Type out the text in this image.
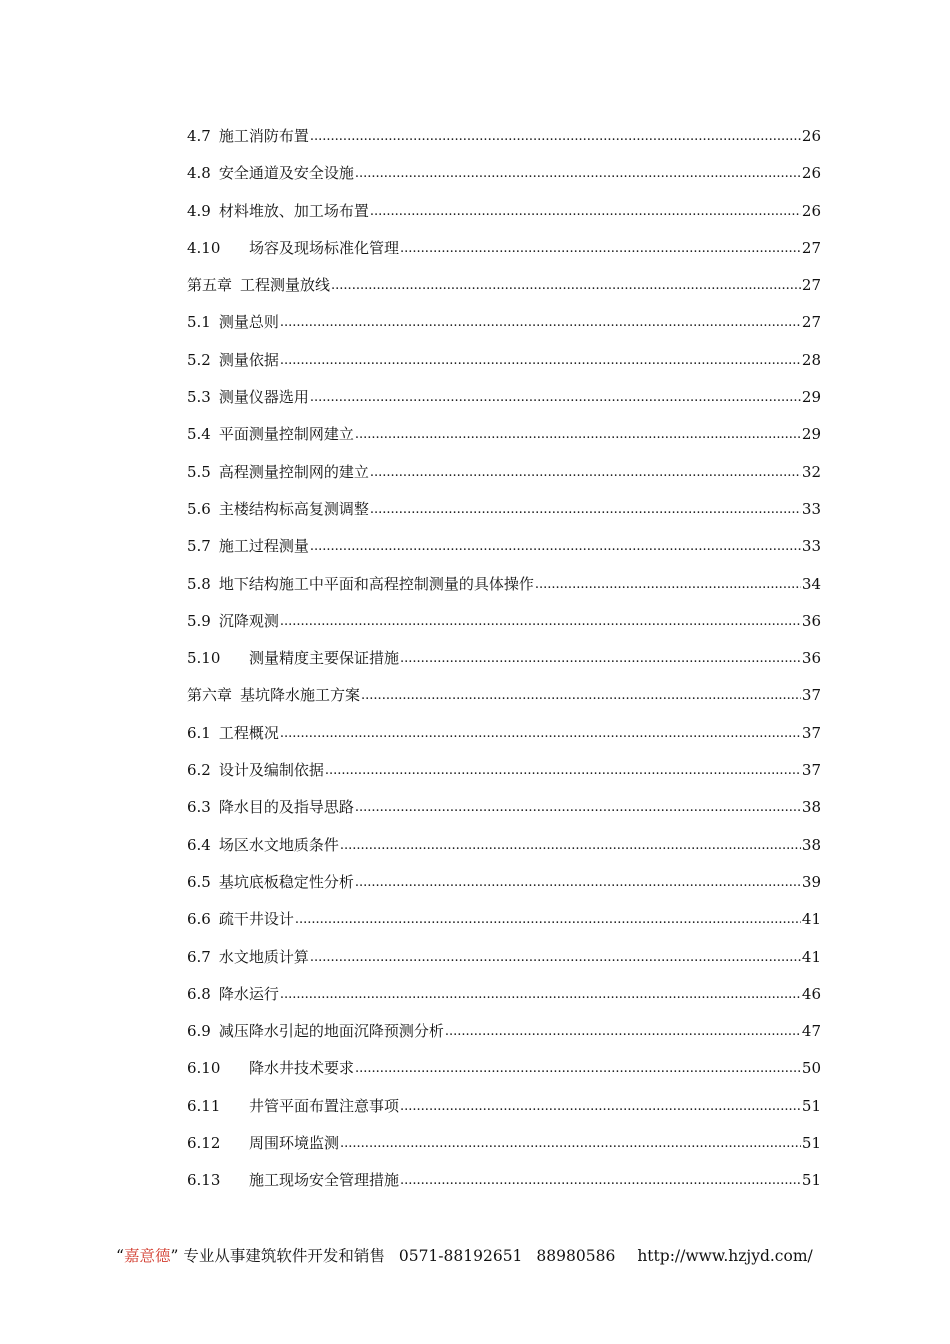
4.7 施工消防布置 .....	26
4.8 安全通道及安全设施 .....	26
4.9 材料堆放、加工场布置 .....	26
4.10	场容及现场标准化管理 .....	27
第五章 工程测量放线 .....	27
5.1 测量总则 .....	27
5.2 测量依据 .....	28
5.3 测量仪器选用 .....	29
5.4 平面测量控制网建立 .....	29
5.5 高程测量控制网的建立 .....	32
5.6 主楼结构标高复测调整 .....	33
5.7 施工过程测量 .....	33
5.8 地下结构施工中平面和高程控制测量的具体操作 .....	34
5.9 沉降观测 .....	36
5.10	测量精度主要保证措施 .....	36
第六章 基坑降水施工方案 .....	37
6.1 工程概况 .....	37
6.2 设计及编制依据 .....	37
6.3 降水目的及指导思路 .....	38
6.4 场区水文地质条件 .....	38
6.5 基坑底板稳定性分析 .....	39
6.6 疏干井设计 .....	41
6.7 水文地质计算 .....	41
6.8 降水运行 .....	46
6.9 减压降水引起的地面沉降预测分析 .....	47
6.10	降水井技术要求 .....	50
6.11	井管平面布置注意事项 .....	51
6.12	周围环境监测 .....	51
6.13	施工现场安全管理措施 .....	51
“嘉意德” 专业从事建筑软件开发和销售 0571-88192651 88980586 http://www.hzjyd.com/
